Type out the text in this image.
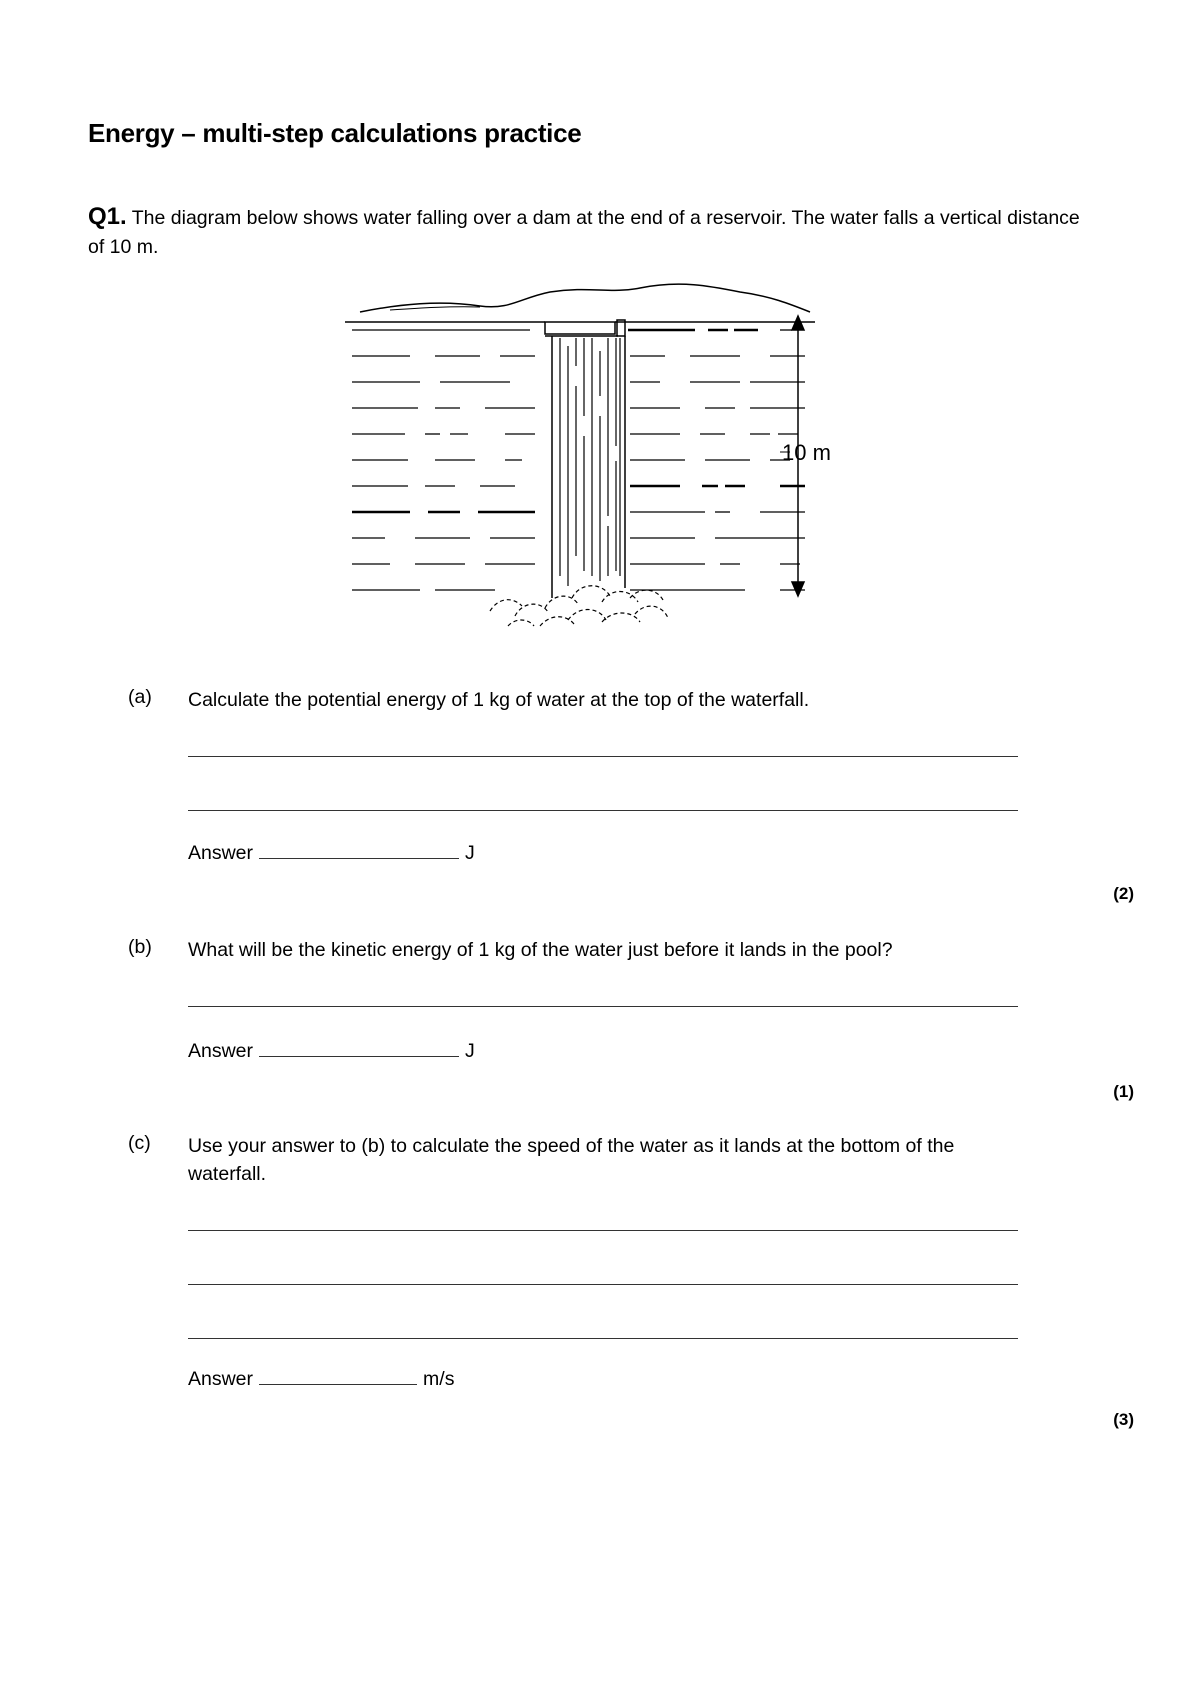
Energy – multi-step calculations practice
Q1. The diagram below shows water falling over a dam at the end of a reservoir. The water falls a vertical distance of 10 m.
10 m
(a) Calculate the potential energy of 1 kg of water at the top of the waterfall.
Answer	J
(2)
(b) What will be the kinetic energy of 1 kg of the water just before it lands in the pool?
Answer	J
(1)
(c) Use your answer to (b) to calculate the speed of the water as it lands at the bottom of the waterfall.
Answer	m/s
(3)
